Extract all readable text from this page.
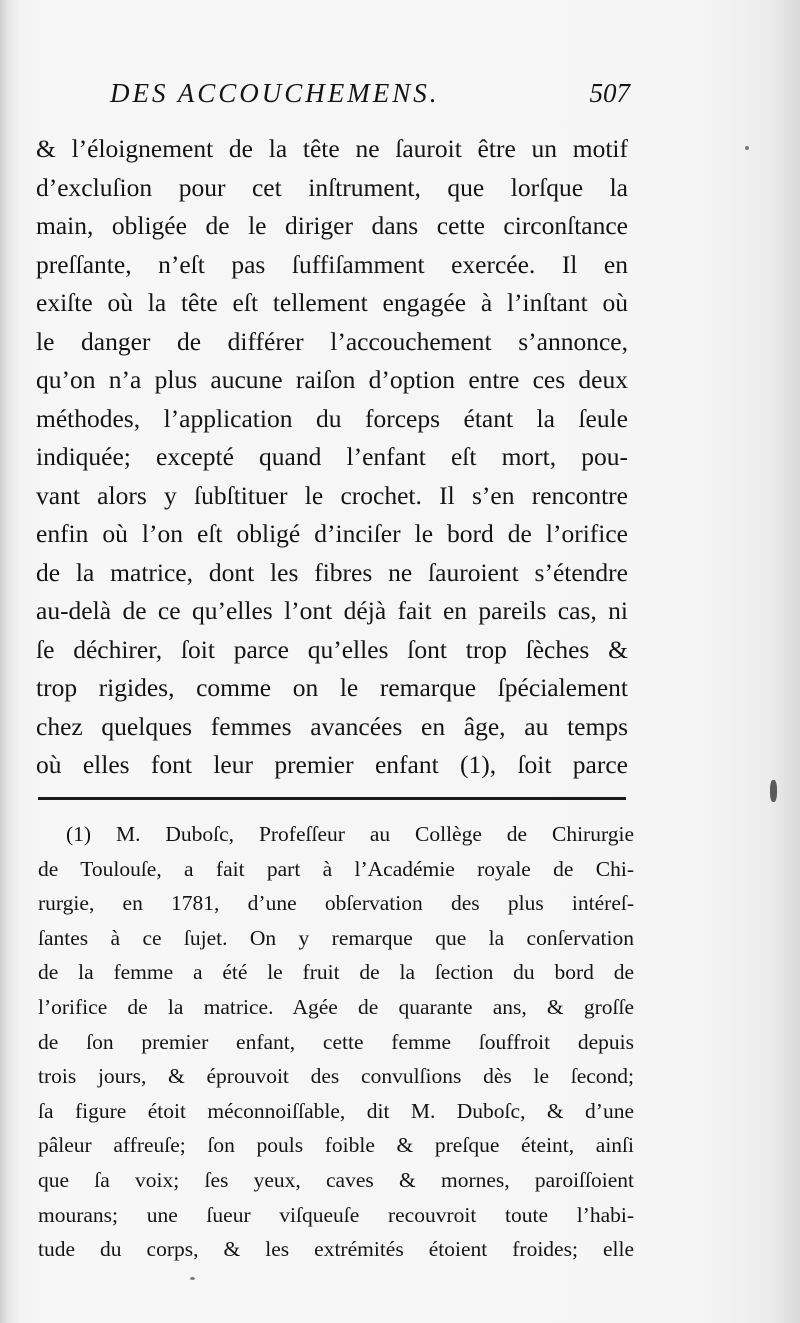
DES ACCOUCHEMENS.	507
& l’éloignement de la tête ne ſauroit être un motif
d’excluſion pour cet inſtrument, que lorſque la
main, obligée de le diriger dans cette circonſtance
preſſante, n’eſt pas ſuffiſamment exercée. Il en
exiſte où la tête eſt tellement engagée à l’inſtant où
le danger de différer l’accouchement s’annonce,
qu’on n’a plus aucune raiſon d’option entre ces deux
méthodes, l’application du forceps étant la ſeule
indiquée; excepté quand l’enfant eſt mort, pou-
vant alors y ſubſtituer le crochet. Il s’en rencontre
enfin où l’on eſt obligé d’inciſer le bord de l’orifice
de la matrice, dont les fibres ne ſauroient s’étendre
au-delà de ce qu’elles l’ont déjà fait en pareils cas, ni
ſe déchirer, ſoit parce qu’elles ſont trop ſèches &
trop rigides, comme on le remarque ſpécialement
chez quelques femmes avancées en âge, au temps
où elles font leur premier enfant (1), ſoit parce
(1) M. Duboſc, Profeſſeur au Collège de Chirurgie
de Toulouſe, a fait part à l’Académie royale de Chi-
rurgie, en 1781, d’une obſervation des plus intéreſ-
ſantes à ce ſujet. On y remarque que la conſervation
de la femme a été le fruit de la ſection du bord de
l’orifice de la matrice. Agée de quarante ans, & groſſe
de ſon premier enfant, cette femme ſouffroit depuis
trois jours, & éprouvoit des convulſions dès le ſecond;
ſa figure étoit méconnoiſſable, dit M. Duboſc, & d’une
pâleur affreuſe; ſon pouls foible & preſque éteint, ainſi
que ſa voix; ſes yeux, caves & mornes, paroiſſoient
mourans; une ſueur viſqueuſe recouvroit toute l’habi-
tude du corps, & les extrémités étoient froides; elle
